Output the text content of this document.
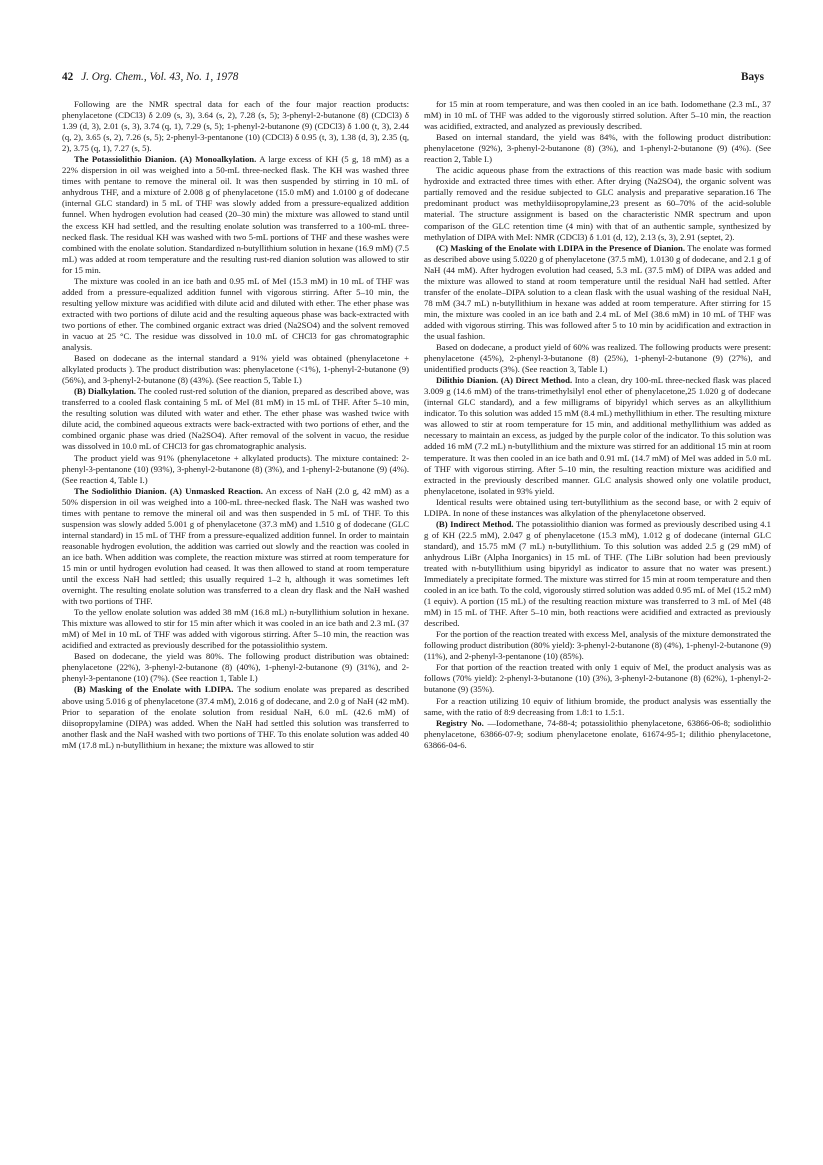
42 J. Org. Chem., Vol. 43, No. 1, 1978	Bays

Following are the NMR spectral data for each of the four major reaction products: phenylacetone (CDCl3) δ 2.09 (s, 3), 3.64 (s, 2), 7.28 (s, 5); 3-phenyl-2-butanone (8) (CDCl3) δ 1.39 (d, 3), 2.01 (s, 3), 3.74 (q, 1), 7.29 (s, 5); 1-phenyl-2-butanone (9) (CDCl3) δ 1.00 (t, 3), 2.44 (q, 2), 3.65 (s, 2), 7.26 (s, 5); 2-phenyl-3-pentanone (10) (CDCl3) δ 0.95 (t, 3), 1.38 (d, 3), 2.35 (q, 2), 3.75 (q, 1), 7.27 (s, 5).

The Potassiolithio Dianion. (A) Monoalkylation. A large excess of KH (5 g, 18 mM) as a 22% dispersion in oil was weighed into a 50-mL three-necked flask. The KH was washed three times with pentane to remove the mineral oil. It was then suspended by stirring in 10 mL of anhydrous THF, and a mixture of 2.008 g of phenylacetone (15.0 mM) and 1.0100 g of dodecane (internal GLC standard) in 5 mL of THF was slowly added from a pressure-equalized addition funnel. When hydrogen evolution had ceased (20–30 min) the mixture was allowed to stand until the excess KH had settled, and the resulting enolate solution was transferred to a 100-mL three-necked flask. The residual KH was washed with two 5-mL portions of THF and these washes were combined with the enolate solution. Standardized n-butyllithium solution in hexane (16.9 mM) (7.5 mL) was added at room temperature and the resulting rust-red dianion solution was allowed to stir for 15 min.

The mixture was cooled in an ice bath and 0.95 mL of MeI (15.3 mM) in 10 mL of THF was added from a pressure-equalized addition funnel with vigorous stirring. After 5–10 min, the resulting yellow mixture was acidified with dilute acid and diluted with ether. The ether phase was extracted with two portions of dilute acid and the resulting aqueous phase was back-extracted with two portions of ether. The combined organic extract was dried (Na2SO4) and the solvent removed in vacuo at 25 °C. The residue was dissolved in 10.0 mL of CHCl3 for gas chromatographic analysis.

Based on dodecane as the internal standard a 91% yield was obtained (phenylacetone + alkylated products ). The product distribution was: phenylacetone (<1%), 1-phenyl-2-butanone (9) (56%), and 3-phenyl-2-butanone (8) (43%). (See reaction 5, Table I.)

(B) Dialkylation. The cooled rust-red solution of the dianion, prepared as described above, was transferred to a cooled flask containing 5 mL of MeI (81 mM) in 15 mL of THF. After 5–10 min, the resulting solution was diluted with water and ether. The ether phase was washed twice with dilute acid, the combined aqueous extracts were back-extracted with two portions of ether, and the combined organic phase was dried (Na2SO4). After removal of the solvent in vacuo, the residue was dissolved in 10.0 mL of CHCl3 for gas chromatographic analysis.

The product yield was 91% (phenylacetone + alkylated products). The mixture contained: 2-phenyl-3-pentanone (10) (93%), 3-phenyl-2-butanone (8) (3%), and 1-phenyl-2-butanone (9) (4%). (See reaction 4, Table I.)

The Sodiolithio Dianion. (A) Unmasked Reaction. An excess of NaH (2.0 g, 42 mM) as a 50% dispersion in oil was weighed into a 100-mL three-necked flask. The NaH was washed two times with pentane to remove the mineral oil and was then suspended in 5 mL of THF. To this suspension was slowly added 5.001 g of phenylacetone (37.3 mM) and 1.510 g of dodecane (GLC internal standard) in 15 mL of THF from a pressure-equalized addition funnel. In order to maintain reasonable hydrogen evolution, the addition was carried out slowly and the reaction was cooled in an ice bath. When addition was complete, the reaction mixture was stirred at room temperature for 15 min or until hydrogen evolution had ceased. It was then allowed to stand at room temperature until the excess NaH had settled; this usually required 1–2 h, although it was sometimes left overnight. The resulting enolate solution was transferred to a clean dry flask and the NaH washed with two portions of THF.

To the yellow enolate solution was added 38 mM (16.8 mL) n-butyllithium solution in hexane. This mixture was allowed to stir for 15 min after which it was cooled in an ice bath and 2.3 mL (37 mM) of MeI in 10 mL of THF was added with vigorous stirring. After 5–10 min, the reaction was acidified and extracted as previously described for the potassiolithio system.

Based on dodecane, the yield was 80%. The following product distribution was obtained: phenylacetone (22%), 3-phenyl-2-butanone (8) (40%), 1-phenyl-2-butanone (9) (31%), and 2-phenyl-3-pentanone (10) (7%). (See reaction 1, Table I.)

(B) Masking of the Enolate with LDIPA. The sodium enolate was prepared as described above using 5.016 g of phenylacetone (37.4 mM), 2.016 g of dodecane, and 2.0 g of NaH (42 mM). Prior to separation of the enolate solution from residual NaH, 6.0 mL (42.6 mM) of diisopropylamine (DIPA) was added. When the NaH had settled this solution was transferred to another flask and the NaH washed with two portions of THF. To this enolate solution was added 40 mM (17.8 mL) n-butyllithium in hexane; the mixture was allowed to stir

for 15 min at room temperature, and was then cooled in an ice bath. Iodomethane (2.3 mL, 37 mM) in 10 mL of THF was added to the vigorously stirred solution. After 5–10 min, the reaction was acidified, extracted, and analyzed as previously described.

Based on internal standard, the yield was 84%, with the following product distribution: phenylacetone (92%), 3-phenyl-2-butanone (8) (3%), and 1-phenyl-2-butanone (9) (4%). (See reaction 2, Table I.)

The acidic aqueous phase from the extractions of this reaction was made basic with sodium hydroxide and extracted three times with ether. After drying (Na2SO4), the organic solvent was partially removed and the residue subjected to GLC analysis and preparative separation.16 The predominant product was methyldiisopropylamine,23 present as 60–70% of the acid-soluble material. The structure assignment is based on the characteristic NMR spectrum and upon comparison of the GLC retention time (4 min) with that of an authentic sample, synthesized by methylation of DIPA with MeI: NMR (CDCl3) δ 1.01 (d, 12), 2.13 (s, 3), 2.91 (septet, 2).

(C) Masking of the Enolate with LDIPA in the Presence of Dianion. The enolate was formed as described above using 5.0220 g of phenylacetone (37.5 mM), 1.0130 g of dodecane, and 2.1 g of NaH (44 mM). After hydrogen evolution had ceased, 5.3 mL (37.5 mM) of DIPA was added and the mixture was allowed to stand at room temperature until the residual NaH had settled. After transfer of the enolate–DIPA solution to a clean flask with the usual washing of the residual NaH, 78 mM (34.7 mL) n-butyllithium in hexane was added at room temperature. After stirring for 15 min, the mixture was cooled in an ice bath and 2.4 mL of MeI (38.6 mM) in 10 mL of THF was added with vigorous stirring. This was followed after 5 to 10 min by acidification and extraction in the usual fashion.

Based on dodecane, a product yield of 60% was realized. The following products were present: phenylacetone (45%), 2-phenyl-3-butanone (8) (25%), 1-phenyl-2-butanone (9) (27%), and unidentified products (3%). (See reaction 3, Table I.)

Dilithio Dianion. (A) Direct Method. Into a clean, dry 100-mL three-necked flask was placed 3.009 g (14.6 mM) of the trans-trimethylsilyl enol ether of phenylacetone,25 1.020 g of dodecane (internal GLC standard), and a few milligrams of bipyridyl which serves as an alkyllithium indicator. To this solution was added 15 mM (8.4 mL) methyllithium in ether. The resulting mixture was allowed to stir at room temperature for 15 min, and additional methyllithium was added as necessary to maintain an excess, as judged by the purple color of the indicator. To this solution was added 16 mM (7.2 mL) n-butyllithium and the mixture was stirred for an additional 15 min at room temperature. It was then cooled in an ice bath and 0.91 mL (14.7 mM) of MeI was added in 5.0 mL of THF with vigorous stirring. After 5–10 min, the resulting reaction mixture was acidified and extracted in the previously described manner. GLC analysis showed only one volatile product, phenylacetone, isolated in 93% yield.

Identical results were obtained using tert-butyllithium as the second base, or with 2 equiv of LDIPA. In none of these instances was alkylation of the phenylacetone observed.

(B) Indirect Method. The potassiolithio dianion was formed as previously described using 4.1 g of KH (22.5 mM), 2.047 g of phenylacetone (15.3 mM), 1.012 g of dodecane (internal GLC standard), and 15.75 mM (7 mL) n-butyllithium. To this solution was added 2.5 g (29 mM) of anhydrous LiBr (Alpha Inorganics) in 15 mL of THF. (The LiBr solution had been previously treated with n-butyllithium using bipyridyl as indicator to assure that no water was present.) Immediately a precipitate formed. The mixture was stirred for 15 min at room temperature and then cooled in an ice bath. To the cold, vigorously stirred solution was added 0.95 mL of MeI (15.2 mM) (1 equiv). A portion (15 mL) of the resulting reaction mixture was transferred to 3 mL of MeI (48 mM) in 15 mL of THF. After 5–10 min, both reactions were acidified and extracted as previously described.

For the portion of the reaction treated with excess MeI, analysis of the mixture demonstrated the following product distribution (80% yield): 3-phenyl-2-butanone (8) (4%), 1-phenyl-2-butanone (9) (11%), and 2-phenyl-3-pentanone (10) (85%).

For that portion of the reaction treated with only 1 equiv of MeI, the product analysis was as follows (70% yield): 2-phenyl-3-butanone (10) (3%), 3-phenyl-2-butanone (8) (62%), 1-phenyl-2-butanone (9) (35%).

For a reaction utilizing 10 equiv of lithium bromide, the product analysis was essentially the same, with the ratio of 8:9 decreasing from 1.8:1 to 1.5:1.

Registry No. —Iodomethane, 74-88-4; potassiolithio phenylacetone, 63866-06-8; sodiolithio phenylacetone, 63866-07-9; sodium phenylacetone enolate, 61674-95-1; dilithio phenylacetone, 63866-04-6.
